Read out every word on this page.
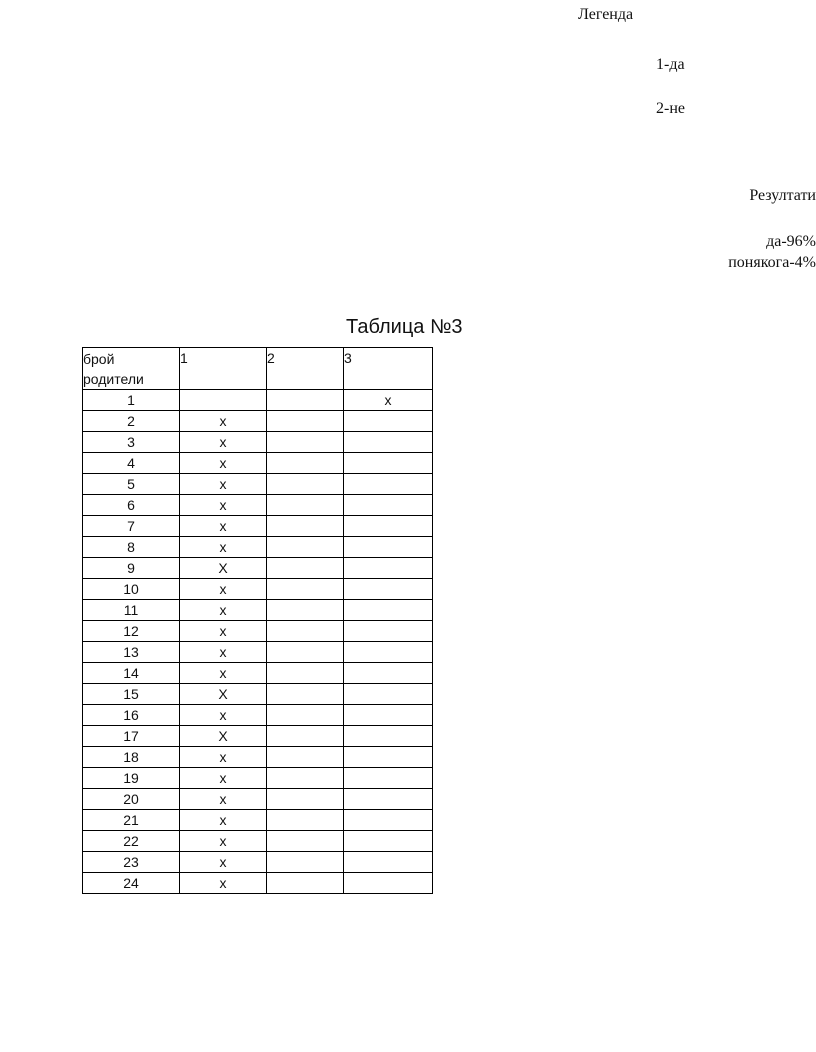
Легенда
1-да
2-не
Резултати
да-96%
понякога-4%
Таблица №3
брой
родители	1	2	3
1			x
2	x		
3	x		
4	x		
5	x		
6	x		
7	x		
8	x		
9	X		
10	x		
11	x		
12	x		
13	x		
14	x		
15	X		
16	x		
17	X		
18	x		
19	x		
20	x		
21	x		
22	x		
23	x		
24	x		
